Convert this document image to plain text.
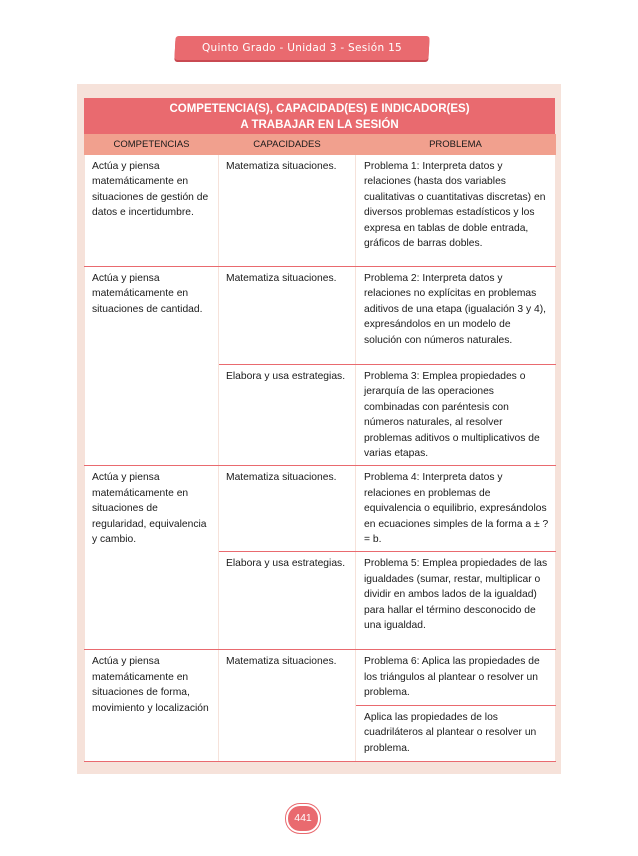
Quinto Grado - Unidad 3 - Sesión 15
COMPETENCIA(S), CAPACIDAD(ES) E INDICADOR(ES)
A TRABAJAR EN LA SESIÓN
COMPETENCIAS	CAPACIDADES	PROBLEMA
Actúa y piensa matemáticamente en situaciones de gestión de datos e incertidumbre.	Matematiza situaciones.	Problema 1: Interpreta datos y relaciones (hasta dos variables cualitativas o cuantitativas discretas) en diversos problemas estadísticos y los expresa en tablas de doble entrada, gráficos de barras dobles.
Actúa y piensa matemáticamente en situaciones de cantidad.	Matematiza situaciones.	Problema 2: Interpreta datos y relaciones no explícitas en problemas aditivos de una etapa (igualación 3 y 4), expresándolos en un modelo de solución con números naturales.
	Elabora y usa estrategias.	Problema 3: Emplea propiedades o jerarquía de las operaciones combinadas con paréntesis con números naturales, al resolver problemas aditivos o multiplicativos de varias etapas.
Actúa y piensa matemáticamente en situaciones de regularidad, equivalencia y cambio.	Matematiza situaciones.	Problema 4: Interpreta datos y relaciones en problemas de equivalencia o equilibrio, expresándolos en ecuaciones simples de la forma a ± ? = b.
	Elabora y usa estrategias.	Problema 5: Emplea propiedades de las igualdades (sumar, restar, multiplicar o dividir en ambos lados de la igualdad) para hallar el término desconocido de una igualdad.
Actúa y piensa matemáticamente en situaciones de forma, movimiento y localización	Matematiza situaciones.	Problema 6: Aplica las propiedades de los triángulos al plantear o resolver un problema.
		Aplica las propiedades de los cuadriláteros al plantear o resolver un problema.
441
